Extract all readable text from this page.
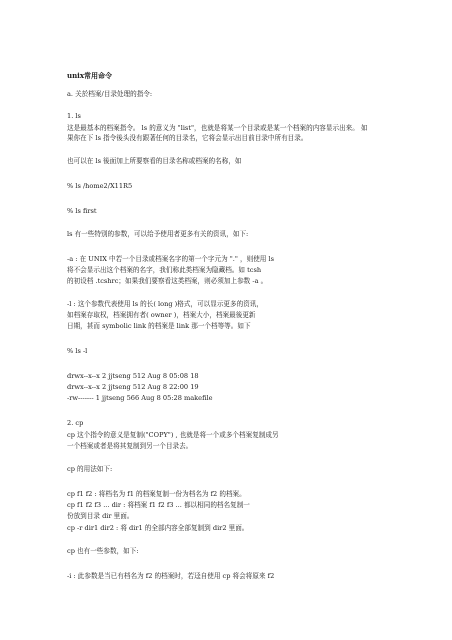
unix常用命令
a. 关於档案/目录处理的指令:
1. ls
这是最基本的档案指令。 ls 的意义为 "list"，也就是将某一个目录或是某一个档案的内容显示出来。 如
果你在下 ls 指令後头没有跟著任何的目录名，它将会显示出目前目录中所有目录。
也可以在 ls 後面加上所要察看的目录名称或档案的名称，如
% ls /home2/X11R5
% ls first
ls 有一些特别的参数，可以给予使用者更多有关的资讯，如下:
-a : 在 UNIX 中若一个目录或档案名字的第一个字元为 "." ，则使用 ls
将不会显示出这个档案的名字，我们称此类档案为隐藏档。如 tcsh
的初设档 .tcshrc；如果我们要察看这类档案，则必须加上参数 -a 。
-l : 这个参数代表使用 ls 的长( long )格式，可以显示更多的资讯，
如档案存取权，档案拥有者( owner )，档案大小，档案最後更新
日期，甚而 symbolic link 的档案是 link 那一个档等等。如下
% ls -l
drwx--x--x 2 jjtseng 512 Aug 8 05:08 18
drwx--x--x 2 jjtseng 512 Aug 8 22:00 19
-rw------- 1 jjtseng 566 Aug 8 05:28 makefile
2. cp
cp 这个指令的意义是复制("COPY") , 也就是将一个或多个档案复制成另
一个档案或者是将其复制到另一个目录去。
cp 的用法如下:
cp f1 f2 : 将档名为 f1 的档案复制一份为档名为 f2 的档案。
cp f1 f2 f3 ... dir : 将档案 f1 f2 f3 ... 都以相同的档名复制一
份放到目录 dir 里面。
cp -r dir1 dir2 : 将 dir1 的全部内容全部复制到 dir2 里面。
cp 也有一些参数，如下:
-i : 此参数是当已有档名为 f2 的档案时，若迳自使用 cp 将会将原来 f2
